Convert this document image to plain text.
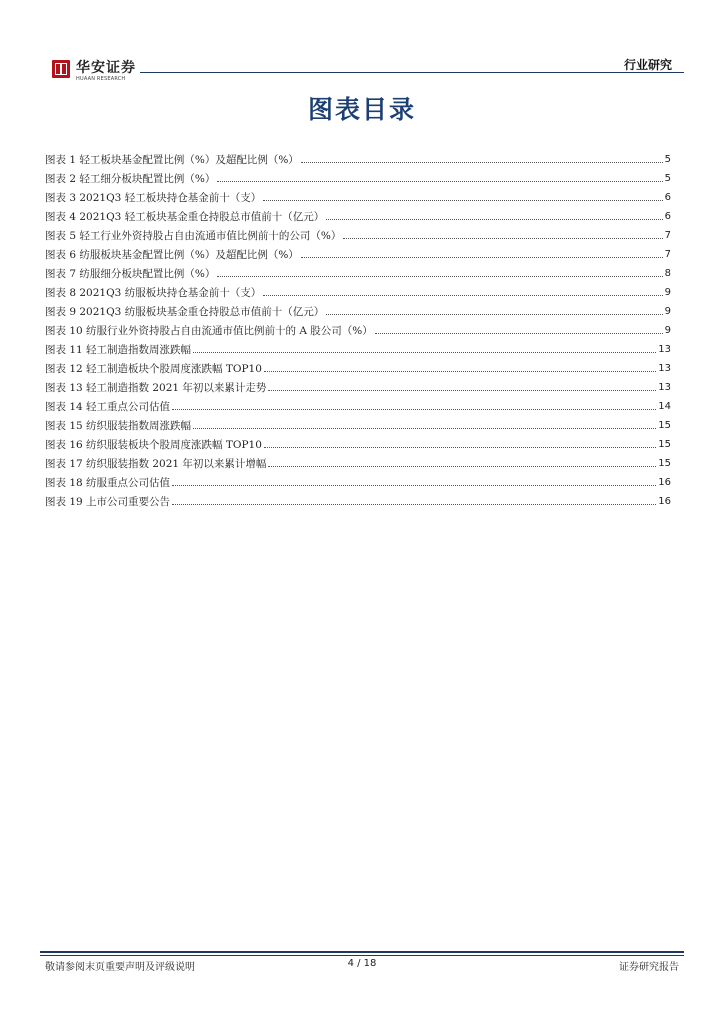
华安证券
HUAAN RESEARCH
行业研究
图表目录
图表 1 轻工板块基金配置比例（%）及超配比例（%）	5
图表 2 轻工细分板块配置比例（%）	5
图表 3 2021Q3 轻工板块持仓基金前十（支）	6
图表 4 2021Q3 轻工板块基金重仓持股总市值前十（亿元）	6
图表 5 轻工行业外资持股占自由流通市值比例前十的公司（%）	7
图表 6 纺服板块基金配置比例（%）及超配比例（%）	7
图表 7 纺服细分板块配置比例（%）	8
图表 8 2021Q3 纺服板块持仓基金前十（支）	9
图表 9 2021Q3 纺服板块基金重仓持股总市值前十（亿元）	9
图表 10 纺服行业外资持股占自由流通市值比例前十的 A 股公司（%）	9
图表 11 轻工制造指数周涨跌幅	13
图表 12 轻工制造板块个股周度涨跌幅 TOP10	13
图表 13 轻工制造指数 2021 年初以来累计走势	13
图表 14 轻工重点公司估值	14
图表 15 纺织服装指数周涨跌幅	15
图表 16 纺织服装板块个股周度涨跌幅 TOP10	15
图表 17 纺织服装指数 2021 年初以来累计增幅	15
图表 18 纺服重点公司估值	16
图表 19 上市公司重要公告	16
敬请参阅末页重要声明及评级说明	4 / 18	证券研究报告
